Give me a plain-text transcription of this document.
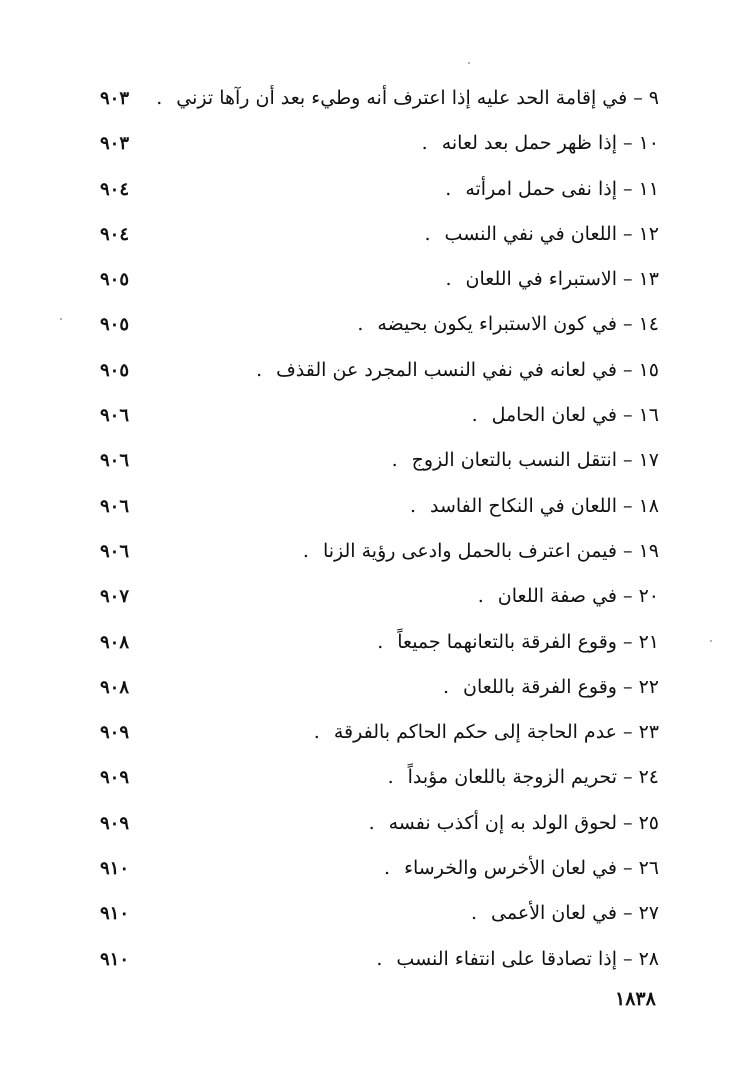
٩ – في إقامة الحد عليه إذا اعترف أنه وطيء بعد أن رآها تزني.
٩٠٣
١٠ – إذا ظهر حمل بعد لعانه.
٩٠٣
١١ – إذا نفى حمل امرأته.
٩٠٤
١٢ – اللعان في نفي النسب.
٩٠٤
١٣ – الاستبراء في اللعان.
٩٠٥
١٤ – في كون الاستبراء يكون بحيضه.
٩٠٥
١٥ – في لعانه في نفي النسب المجرد عن القذف.
٩٠٥
١٦ – في لعان الحامل.
٩٠٦
١٧ – انتقل النسب بالتعان الزوج.
٩٠٦
١٨ – اللعان في النكاح الفاسد.
٩٠٦
١٩ – فيمن اعترف بالحمل وادعى رؤية الزنا.
٩٠٦
٢٠ – في صفة اللعان.
٩٠٧
٢١ – وقوع الفرقة بالتعانهما جميعاً.
٩٠٨
٢٢ – وقوع الفرقة باللعان.
٩٠٨
٢٣ – عدم الحاجة إلى حكم الحاكم بالفرقة.
٩٠٩
٢٤ – تحريم الزوجة باللعان مؤبداً.
٩٠٩
٢٥ – لحوق الولد به إن أكذب نفسه.
٩٠٩
٢٦ – في لعان الأخرس والخرساء.
٩١٠
٢٧ – في لعان الأعمى.
٩١٠
٢٨ – إذا تصادقا على انتفاء النسب.
٩١٠
١٨٣٨
